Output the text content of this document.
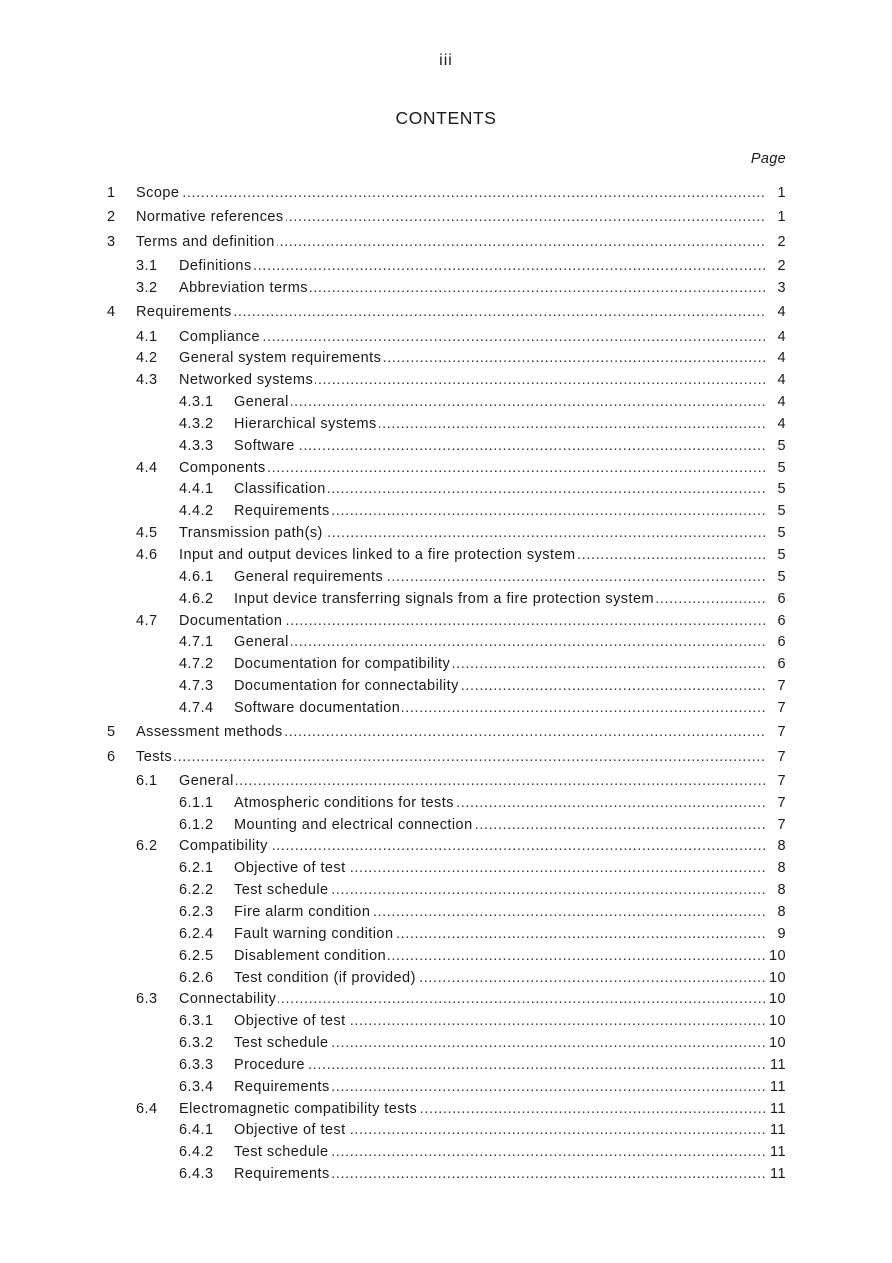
iii
CONTENTS
Page
1 Scope .....	1
2 Normative references .....	1
3 Terms and definition .....	2
3.1 Definitions .....	2
3.2 Abbreviation terms .....	3
4 Requirements .....	4
4.1 Compliance .....	4
4.2 General system requirements .....	4
4.3 Networked systems .....	4
4.3.1 General .....	4
4.3.2 Hierarchical systems .....	4
4.3.3 Software .....	5
4.4 Components .....	5
4.4.1 Classification .....	5
4.4.2 Requirements .....	5
4.5 Transmission path(s) .....	5
4.6 Input and output devices linked to a fire protection system .....	5
4.6.1 General requirements .....	5
4.6.2 Input device transferring signals from a fire protection system .....	6
4.7 Documentation .....	6
4.7.1 General .....	6
4.7.2 Documentation for compatibility .....	6
4.7.3 Documentation for connectability .....	7
4.7.4 Software documentation .....	7
5 Assessment methods .....	7
6 Tests .....	7
6.1 General .....	7
6.1.1 Atmospheric conditions for tests .....	7
6.1.2 Mounting and electrical connection .....	7
6.2 Compatibility .....	8
6.2.1 Objective of test .....	8
6.2.2 Test schedule .....	8
6.2.3 Fire alarm condition .....	8
6.2.4 Fault warning condition .....	9
6.2.5 Disablement condition .....	10
6.2.6 Test condition (if provided) .....	10
6.3 Connectability .....	10
6.3.1 Objective of test .....	10
6.3.2 Test schedule .....	10
6.3.3 Procedure .....	11
6.3.4 Requirements .....	11
6.4 Electromagnetic compatibility tests .....	11
6.4.1 Objective of test .....	11
6.4.2 Test schedule .....	11
6.4.3 Requirements .....	11
